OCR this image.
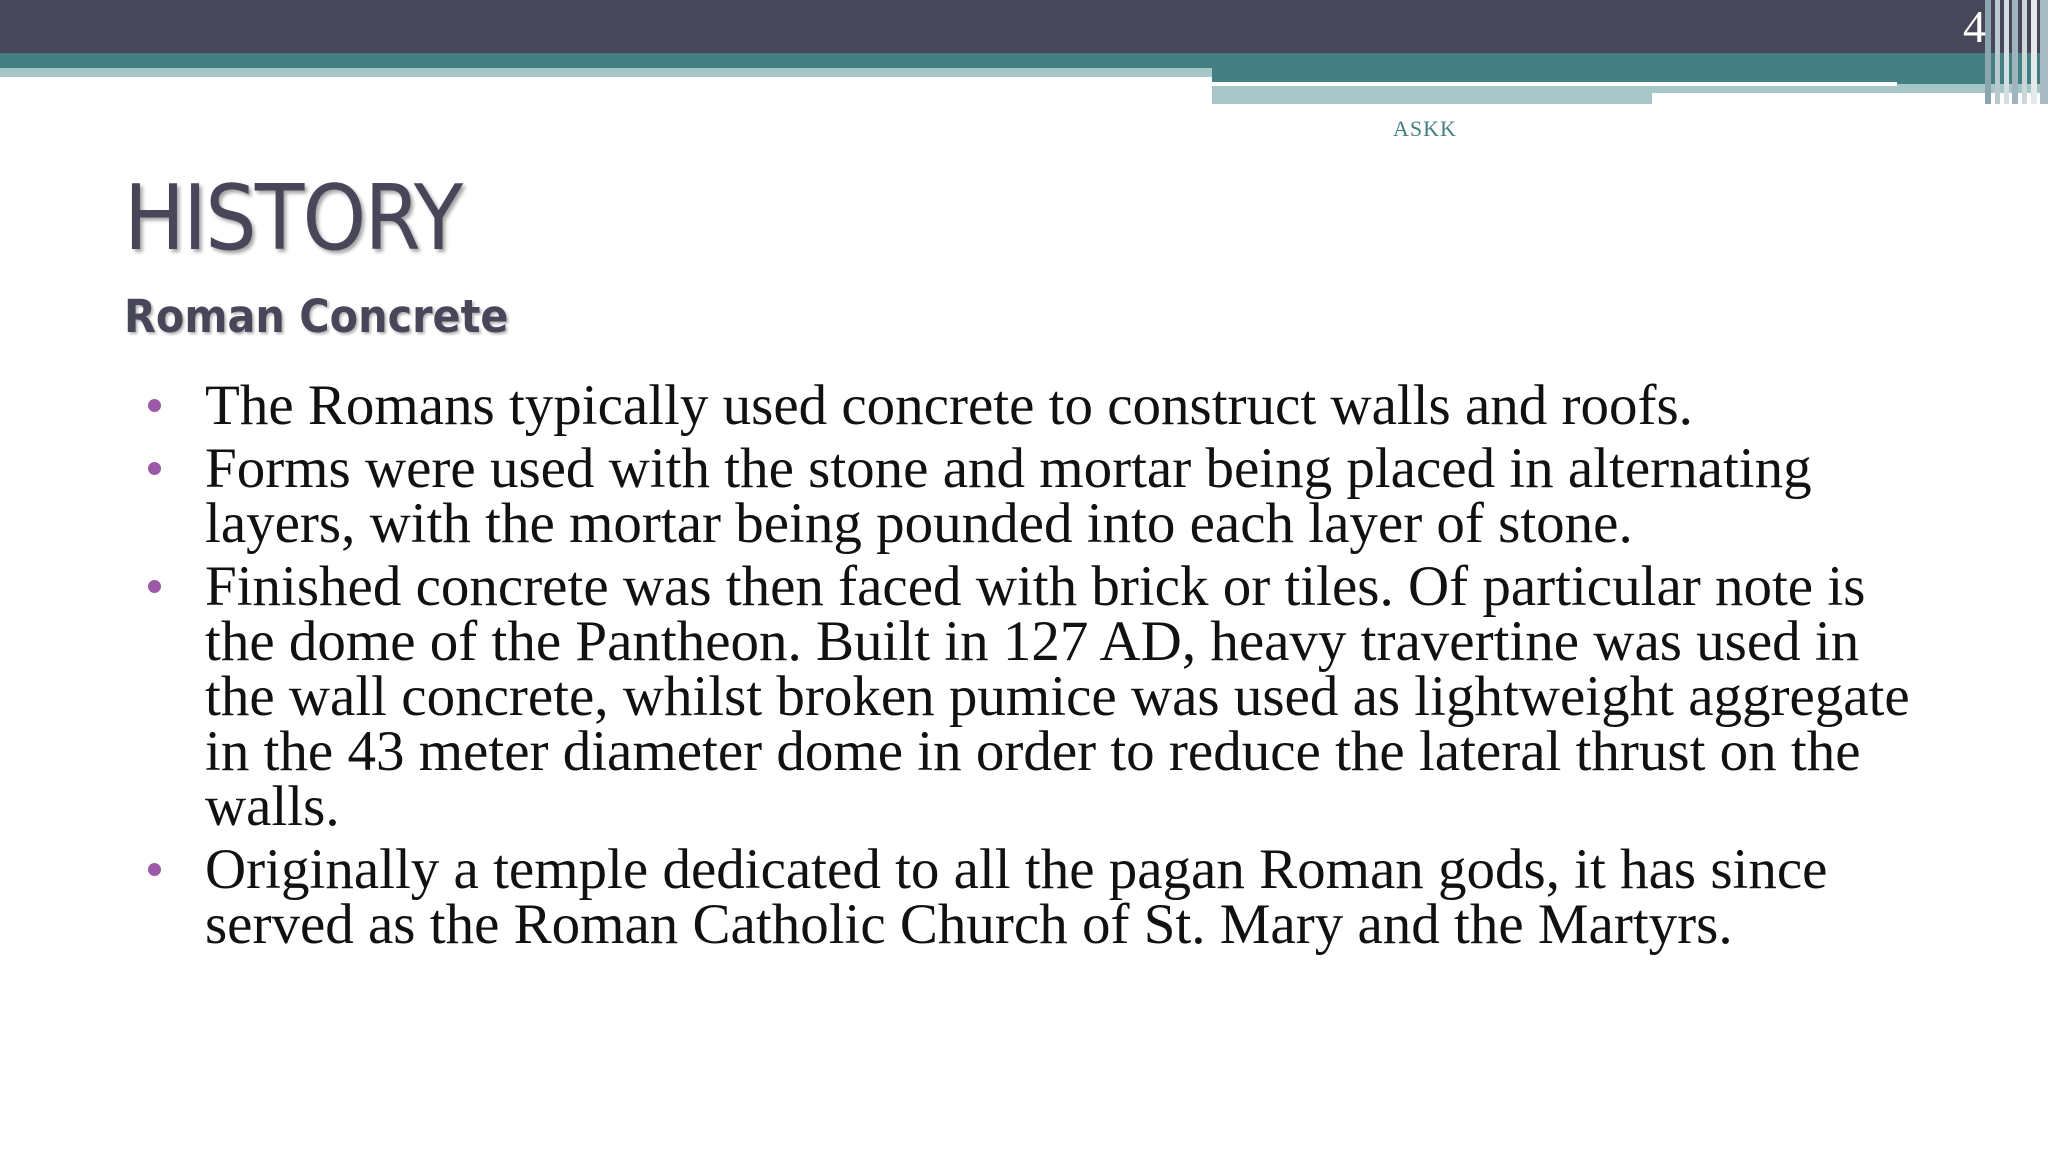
4
ASKK
HISTORY
Roman Concrete
The Romans typically used concrete to construct walls and roofs.
Forms were used with the stone and mortar being placed in alternating layers, with the mortar being pounded into each layer of stone.
Finished concrete was then faced with brick or tiles. Of particular note is the dome of the Pantheon. Built in 127 AD, heavy travertine was used in the wall concrete, whilst broken pumice was used as lightweight aggregate in the 43 meter diameter dome in order to reduce the lateral thrust on the walls.
Originally a temple dedicated to all the pagan Roman gods, it has since served as the Roman Catholic Church of St. Mary and the Martyrs.
